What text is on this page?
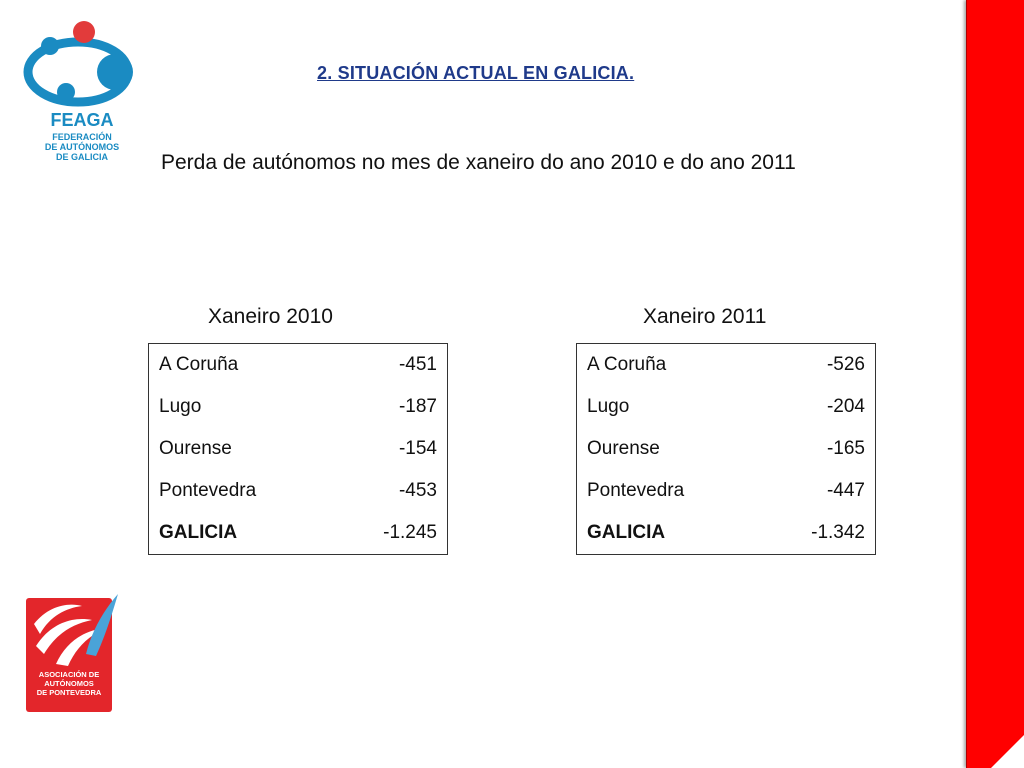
FEAGA
FEDERACIÓN
DE AUTÓNOMOS
DE GALICIA
2. SITUACIÓN ACTUAL EN GALICIA.
Perda de autónomos no mes de xaneiro do ano 2010 e do ano 2011
Xaneiro 2010
A Coruña	-451
Lugo	-187
Ourense	-154
Pontevedra	-453
GALICIA	-1.245
Xaneiro 2011
A Coruña	-526
Lugo	-204
Ourense	-165
Pontevedra	-447
GALICIA	-1.342
ASOCIACIÓN DE
AUTÓNOMOS
DE PONTEVEDRA
